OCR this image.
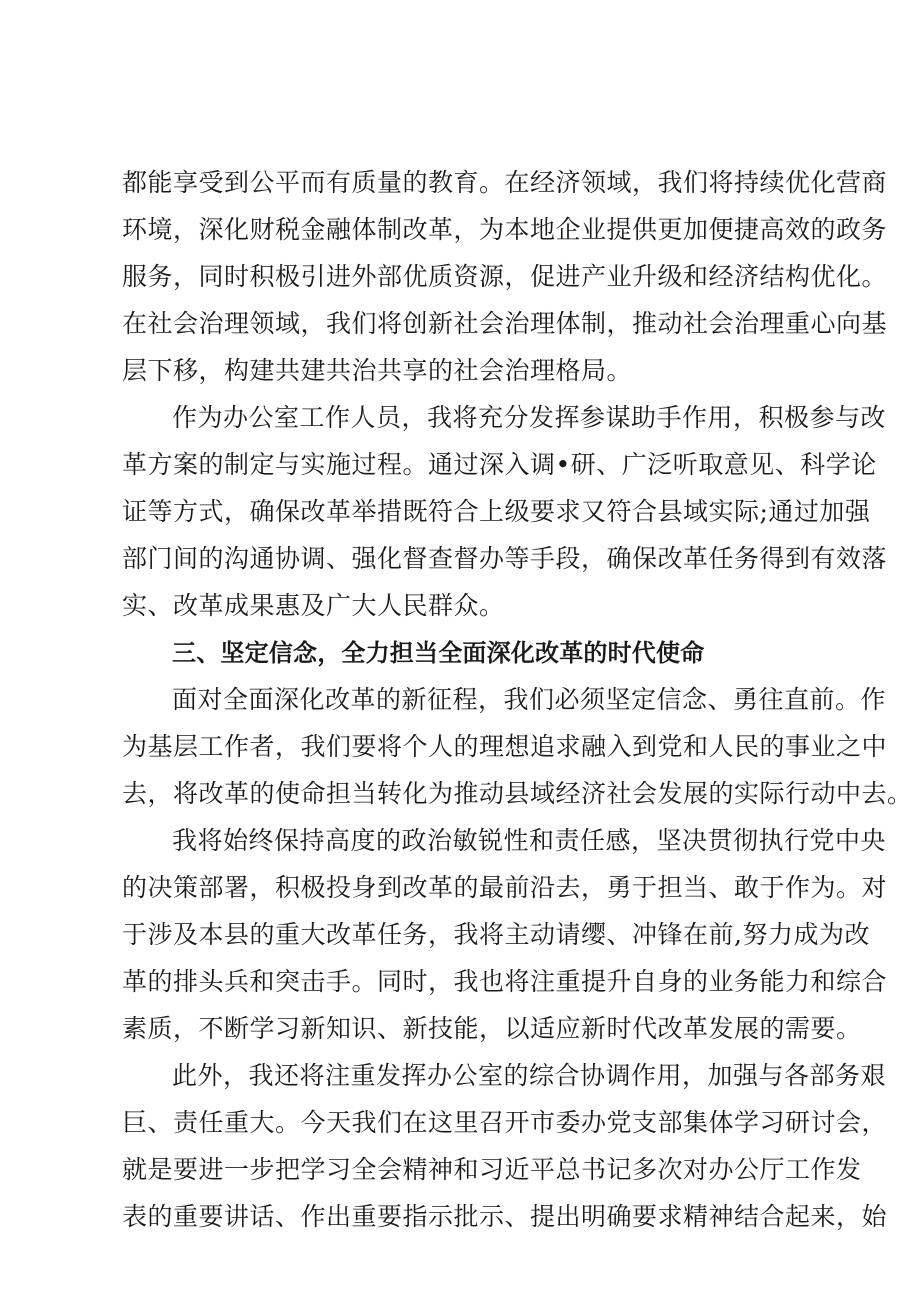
都能享受到公平而有质量的教育。在经济领域，我们将持续优化营商
环境，深化财税金融体制改革，为本地企业提供更加便捷高效的政务
服务，同时积极引进外部优质资源，促进产业升级和经济结构优化。
在社会治理领域，我们将创新社会治理体制，推动社会治理重心向基
层下移，构建共建共治共享的社会治理格局。
作为办公室工作人员，我将充分发挥参谋助手作用，积极参与改
革方案的制定与实施过程。通过深入调•研、广泛听取意见、科学论
证等方式，确保改革举措既符合上级要求又符合县域实际;通过加强
部门间的沟通协调、强化督查督办等手段，确保改革任务得到有效落
实、改革成果惠及广大人民群众。
三、坚定信念，全力担当全面深化改革的时代使命
面对全面深化改革的新征程，我们必须坚定信念、勇往直前。作
为基层工作者，我们要将个人的理想追求融入到党和人民的事业之中
去，将改革的使命担当转化为推动县域经济社会发展的实际行动中去。
我将始终保持高度的政治敏锐性和责任感，坚决贯彻执行党中央
的决策部署，积极投身到改革的最前沿去，勇于担当、敢于作为。对
于涉及本县的重大改革任务，我将主动请缨、冲锋在前,努力成为改
革的排头兵和突击手。同时，我也将注重提升自身的业务能力和综合
素质，不断学习新知识、新技能，以适应新时代改革发展的需要。
此外，我还将注重发挥办公室的综合协调作用，加强与各部务艰
巨、责任重大。今天我们在这里召开市委办党支部集体学习研讨会，
就是要进一步把学习全会精神和习近平总书记多次对办公厅工作发
表的重要讲话、作出重要指示批示、提出明确要求精神结合起来，始
